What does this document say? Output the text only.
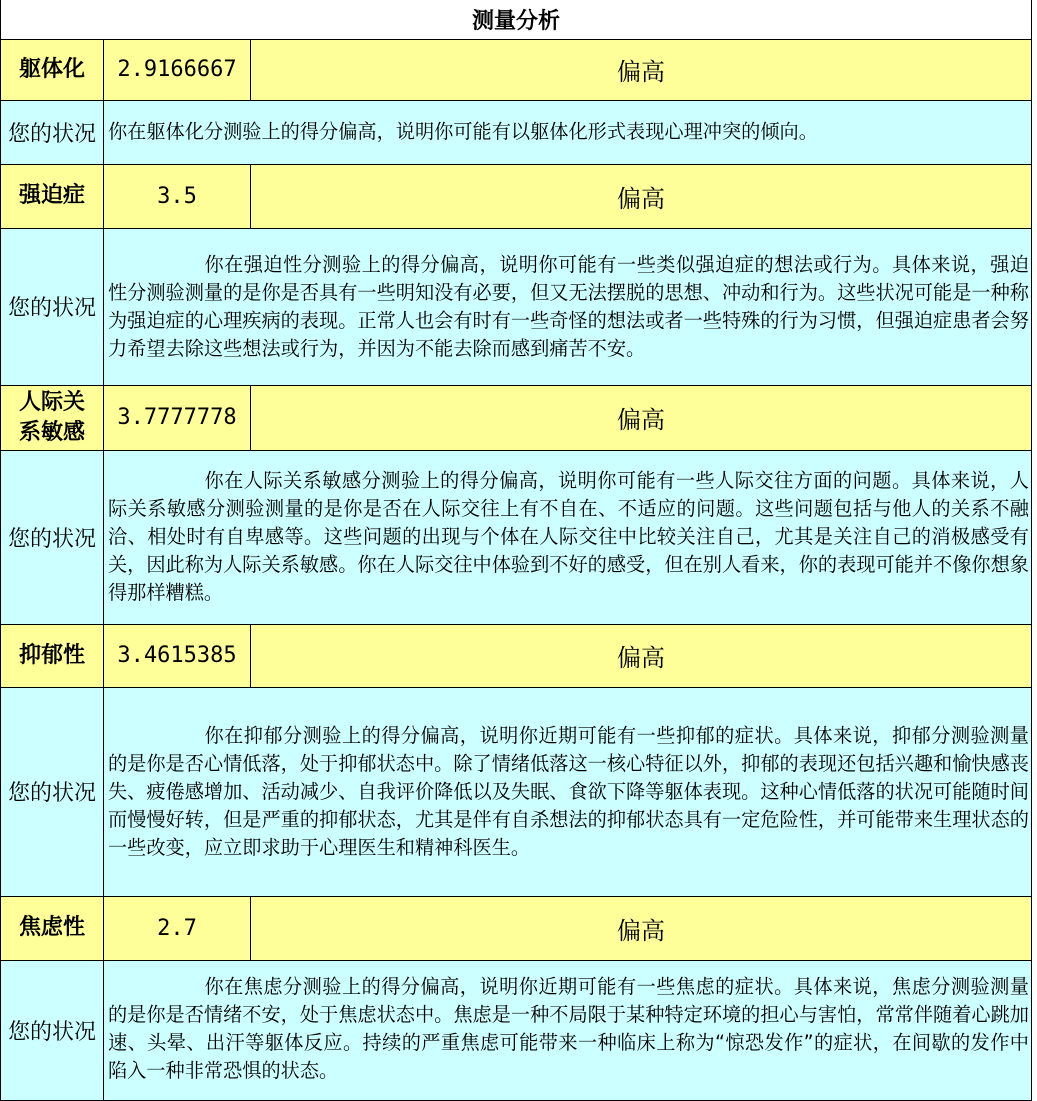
测量分析		
躯体化	2.9166667	偏高
您的状况	你在躯体化分测验上的得分偏高，说明你可能有以躯体化形式表现心理冲突的倾向。	
强迫症	3.5	偏高
您的状况	你在强迫性分测验上的得分偏高，说明你可能有一些类似强迫症的想法或行为。具体来说，强迫性分测验测量的是你是否具有一些明知没有必要，但又无法摆脱的思想、冲动和行为。这些状况可能是一种称为强迫症的心理疾病的表现。正常人也会有时有一些奇怪的想法或者一些特殊的行为习惯，但强迫症患者会努力希望去除这些想法或行为，并因为不能去除而感到痛苦不安。	
人际关系敏感	3.7777778	偏高
您的状况	你在人际关系敏感分测验上的得分偏高，说明你可能有一些人际交往方面的问题。具体来说，人际关系敏感分测验测量的是你是否在人际交往上有不自在、不适应的问题。这些问题包括与他人的关系不融洽、相处时有自卑感等。这些问题的出现与个体在人际交往中比较关注自己，尤其是关注自己的消极感受有关，因此称为人际关系敏感。你在人际交往中体验到不好的感受，但在别人看来，你的表现可能并不像你想象得那样糟糕。	
抑郁性	3.4615385	偏高
您的状况	你在抑郁分测验上的得分偏高，说明你近期可能有一些抑郁的症状。具体来说，抑郁分测验测量的是你是否心情低落，处于抑郁状态中。除了情绪低落这一核心特征以外，抑郁的表现还包括兴趣和愉快感丧失、疲倦感增加、活动减少、自我评价降低以及失眠、食欲下降等躯体表现。这种心情低落的状况可能随时间而慢慢好转，但是严重的抑郁状态，尤其是伴有自杀想法的抑郁状态具有一定危险性，并可能带来生理状态的一些改变，应立即求助于心理医生和精神科医生。	
焦虑性	2.7	偏高
您的状况	你在焦虑分测验上的得分偏高，说明你近期可能有一些焦虑的症状。具体来说，焦虑分测验测量的是你是否情绪不安，处于焦虑状态中。焦虑是一种不局限于某种特定环境的担心与害怕，常常伴随着心跳加速、头晕、出汗等躯体反应。持续的严重焦虑可能带来一种临床上称为“惊恐发作”的症状，在间歇的发作中陷入一种非常恐惧的状态。	
